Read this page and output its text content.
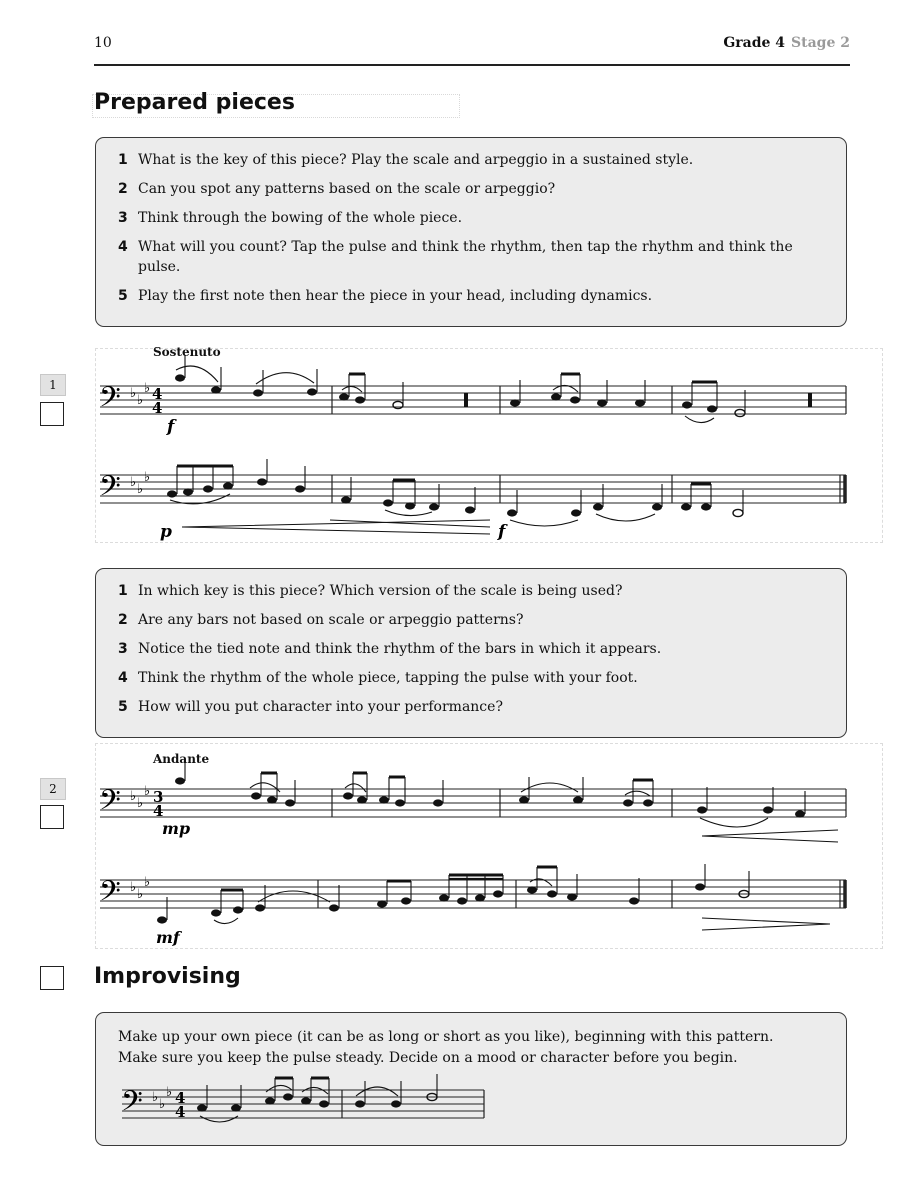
10	Grade 4 Stage 2
Prepared pieces
1 What is the key of this piece? Play the scale and arpeggio in a sustained style.
2 Can you spot any patterns based on the scale or arpeggio?
3 Think through the bowing of the whole piece.
4 What will you count? Tap the pulse and think the rhythm, then tap the rhythm and think the pulse.
5 Play the first note then hear the piece in your head, including dynamics.
1
Sostenuto
𝄢 ♭ ♭
♭ 4
4
f
𝄢 ♭ ♭
♭
p	f
1 In which key is this piece? Which version of the scale is being used?
2 Are any bars not based on scale or arpeggio patterns?
3 Notice the tied note and think the rhythm of the bars in which it appears.
4 Think the rhythm of the whole piece, tapping the pulse with your foot.
5 How will you put character into your performance?
2
Andante
𝄢 ♭ ♭
♭ 3
4
mp
𝄢 ♭ ♭
♭
mf
Improvising

Make up your own piece (it can be as long or short as you like), beginning with this pattern.

Make sure you keep the pulse steady. Decide on a mood or character before you begin.

𝄢 ♭ ♭
♭ 4
4
